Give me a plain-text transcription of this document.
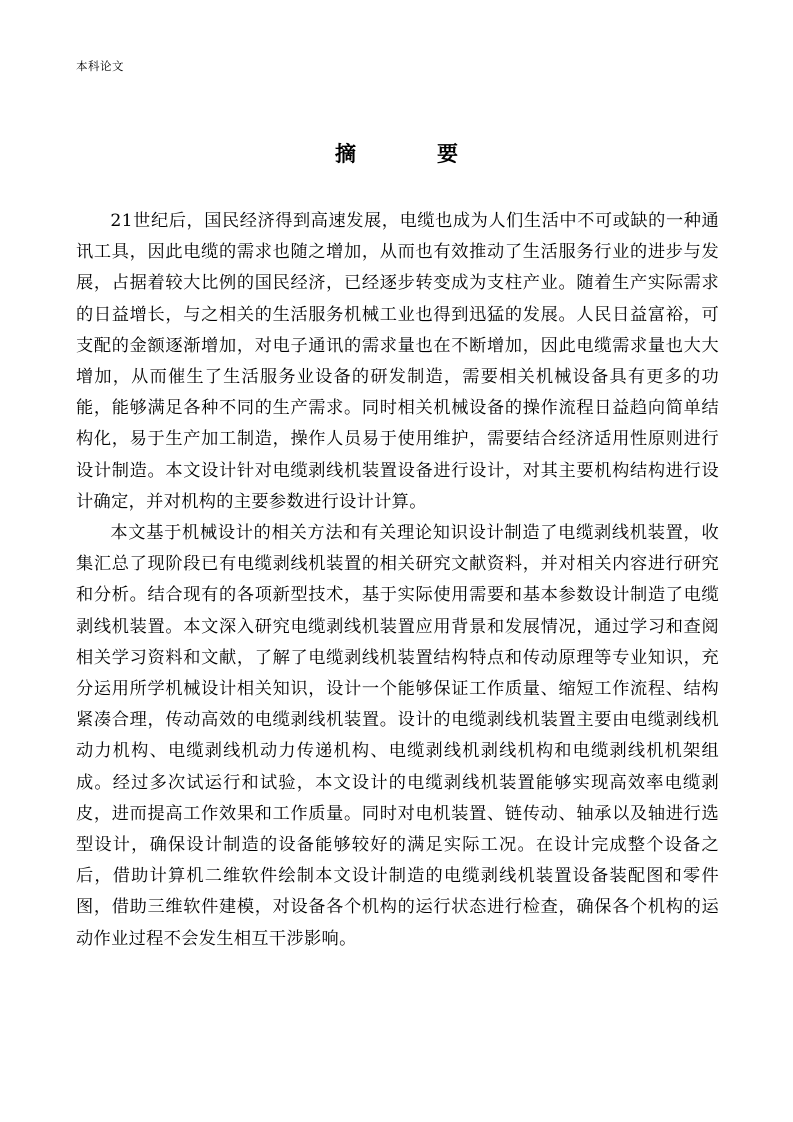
本科论文
摘　要

21世纪后，国民经济得到高速发展，电缆也成为人们生活中不可或缺的一种通讯工具，因此电缆的需求也随之增加，从而也有效推动了生活服务行业的进步与发展，占据着较大比例的国民经济，已经逐步转变成为支柱产业。随着生产实际需求的日益增长，与之相关的生活服务机械工业也得到迅猛的发展。人民日益富裕，可支配的金额逐渐增加，对电子通讯的需求量也在不断增加，因此电缆需求量也大大增加，从而催生了生活服务业设备的研发制造，需要相关机械设备具有更多的功能，能够满足各种不同的生产需求。同时相关机械设备的操作流程日益趋向简单结构化，易于生产加工制造，操作人员易于使用维护，需要结合经济适用性原则进行设计制造。本文设计针对电缆剥线机装置设备进行设计，对其主要机构结构进行设计确定，并对机构的主要参数进行设计计算。

本文基于机械设计的相关方法和有关理论知识设计制造了电缆剥线机装置，收集汇总了现阶段已有电缆剥线机装置的相关研究文献资料，并对相关内容进行研究和分析。结合现有的各项新型技术，基于实际使用需要和基本参数设计制造了电缆剥线机装置。本文深入研究电缆剥线机装置应用背景和发展情况，通过学习和查阅相关学习资料和文献，了解了电缆剥线机装置结构特点和传动原理等专业知识，充分运用所学机械设计相关知识，设计一个能够保证工作质量、缩短工作流程、结构紧凑合理，传动高效的电缆剥线机装置。设计的电缆剥线机装置主要由电缆剥线机动力机构、电缆剥线机动力传递机构、电缆剥线机剥线机构和电缆剥线机机架组成。经过多次试运行和试验，本文设计的电缆剥线机装置能够实现高效率电缆剥皮，进而提高工作效果和工作质量。同时对电机装置、链传动、轴承以及轴进行选型设计，确保设计制造的设备能够较好的满足实际工况。在设计完成整个设备之后，借助计算机二维软件绘制本文设计制造的电缆剥线机装置设备装配图和零件图，借助三维软件建模，对设备各个机构的运行状态进行检查，确保各个机构的运动作业过程不会发生相互干涉影响。
